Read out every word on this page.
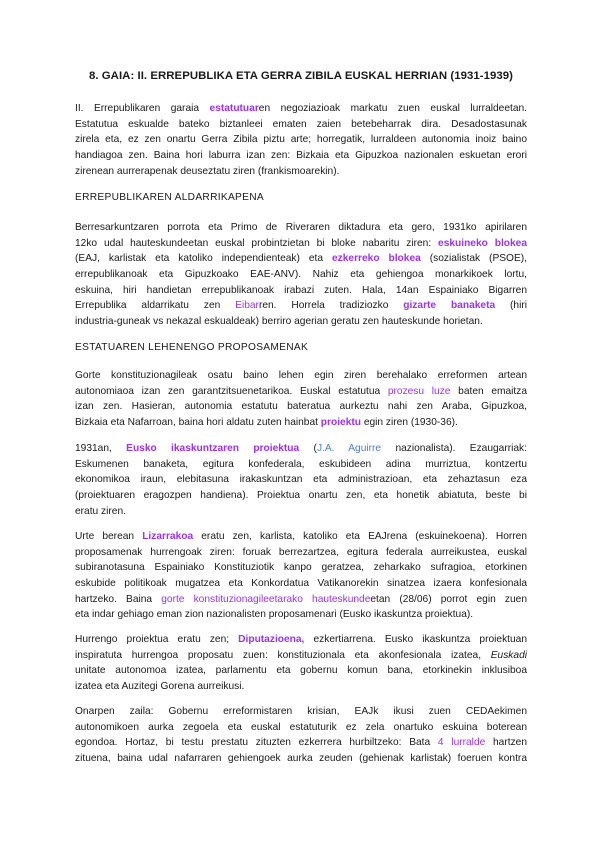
8. GAIA: II. ERREPUBLIKA ETA GERRA ZIBILA EUSKAL HERRIAN (1931-1939)
II. Errepublikaren garaia estatutuaren negoziazioak markatu zuen euskal lurraldeetan.
Estatutua eskualde bateko biztanleei ematen zaien betebeharrak dira. Desadostasunak
zirela eta, ez zen onartu Gerra Zibila piztu arte; horregatik, lurraldeen autonomia inoiz baino
handiagoa zen. Baina hori laburra izan zen: Bizkaia eta Gipuzkoa nazionalen eskuetan erori
zirenean aurrerapenak deuseztatu ziren (frankismoarekin).
ERREPUBLIKAREN ALDARRIKAPENA
Berresarkuntzaren porrota eta Primo de Riveraren diktadura eta gero, 1931ko apirilaren
12ko udal hauteskundeetan euskal probintzietan bi bloke nabaritu ziren: eskuineko blokea
(EAJ, karlistak eta katoliko independienteak) eta ezkerreko blokea (sozialistak (PSOE),
errepublikanoak eta Gipuzkoako EAE-ANV). Nahiz eta gehiengoa monarkikoek lortu,
eskuina, hiri handietan errepublikanoak irabazi zuten. Hala, 14an Espainiako Bigarren
Errepublika aldarrikatu zen Eibarren. Horrela tradiziozko gizarte banaketa (hiri
industria-guneak vs nekazal eskualdeak) berriro agerian geratu zen hauteskunde horietan.
ESTATUAREN LEHENENGO PROPOSAMENAK
Gorte konstituzionagileak osatu baino lehen egin ziren berehalako erreformen artean
autonomiaoa izan zen garantzitsuenetarikoa. Euskal estatutua prozesu luze baten emaitza
izan zen. Hasieran, autonomia estatutu bateratua aurkeztu nahi zen Araba, Gipuzkoa,
Bizkaia eta Nafarroan, baina hori aldatu zuten hainbat proiektu egin ziren (1930-36).
1931an, Eusko ikaskuntzaren proiektua (J.A. Aguirre nazionalista). Ezaugarriak:
Eskumenen banaketa, egitura konfederala, eskubideen adina murriztua, kontzertu
ekonomikoa iraun, elebitasuna irakaskuntzan eta administrazioan, eta zehaztasun eza
(proiektuaren eragozpen handiena). Proiektua onartu zen, eta honetik abiatuta, beste bi
eratu ziren.
Urte berean Lizarrakoa eratu zen, karlista, katoliko eta EAJrena (eskuinekoena). Horren
proposamenak hurrengoak ziren: foruak berrezartzea, egitura federala aurreikustea, euskal
subiranotasuna Espainiako Konstituziotik kanpo geratzea, zeharkako sufragioa, etorkinen
eskubide politikoak mugatzea eta Konkordatua Vatikanorekin sinatzea izaera konfesionala
hartzeko. Baina gorte konstituzionagileetarako hauteskundeetan (28/06) porrot egin zuen
eta indar gehiago eman zion nazionalisten proposamenari (Eusko ikaskuntza proiektua).
Hurrengo proiektua eratu zen; Diputazioena, ezkertiarrena. Eusko ikaskuntza proiektuan
inspiratuta hurrengoa proposatu zuen: konstituzionala eta akonfesionala izatea, Euskadi
unitate autonomoa izatea, parlamentu eta gobernu komun bana, etorkinekin inklusiboa
izatea eta Auzitegi Gorena aurreikusi.
Onarpen zaila: Gobernu erreformistaren krisian, EAJk ikusi zuen CEDAekimen
autonomikoen aurka zegoela eta euskal estatuturik ez zela onartuko eskuina boterean
egondoa. Hortaz, bi testu prestatu zituzten ezkerrera hurbiltzeko: Bata 4 lurralde hartzen
zituena, baina udal nafarraren gehiengoek aurka zeuden (gehienak karlistak) foeruen kontra
